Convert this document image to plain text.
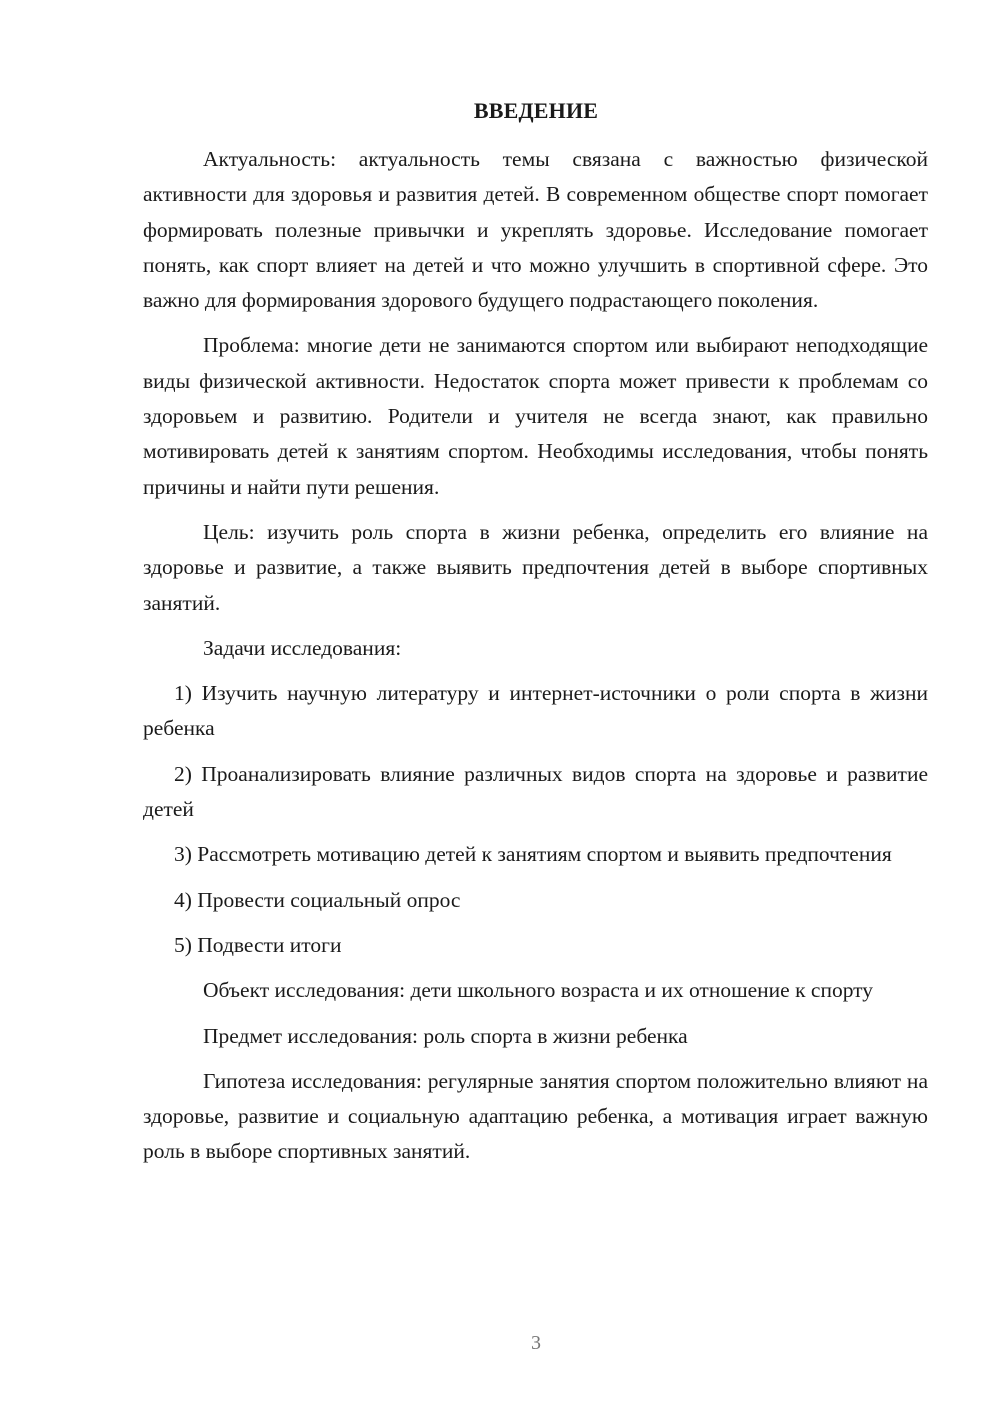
ВВЕДЕНИЕ

Актуальность: актуальность темы связана с важностью физической активности для здоровья и развития детей. В современном обществе спорт помогает формировать полезные привычки и укреплять здоровье. Исследование помогает понять, как спорт влияет на детей и что можно улучшить в спортивной сфере. Это важно для формирования здорового будущего подрастающего поколения.

Проблема: многие дети не занимаются спортом или выбирают неподходящие виды физической активности. Недостаток спорта может привести к проблемам со здоровьем и развитию. Родители и учителя не всегда знают, как правильно мотивировать детей к занятиям спортом. Необходимы исследования, чтобы понять причины и найти пути решения.

Цель: изучить роль спорта в жизни ребенка, определить его влияние на здоровье и развитие, а также выявить предпочтения детей в выборе спортивных занятий.

Задачи исследования:

1) Изучить научную литературу и интернет-источники о роли спорта в жизни ребенка

2) Проанализировать влияние различных видов спорта на здоровье и развитие детей

3) Рассмотреть мотивацию детей к занятиям спортом и выявить предпочтения

4) Провести социальный опрос

5) Подвести итоги

Объект исследования: дети школьного возраста и их отношение к спорту

Предмет исследования: роль спорта в жизни ребенка

Гипотеза исследования: регулярные занятия спортом положительно влияют на здоровье, развитие и социальную адаптацию ребенка, а мотивация играет важную роль в выборе спортивных занятий.

3
